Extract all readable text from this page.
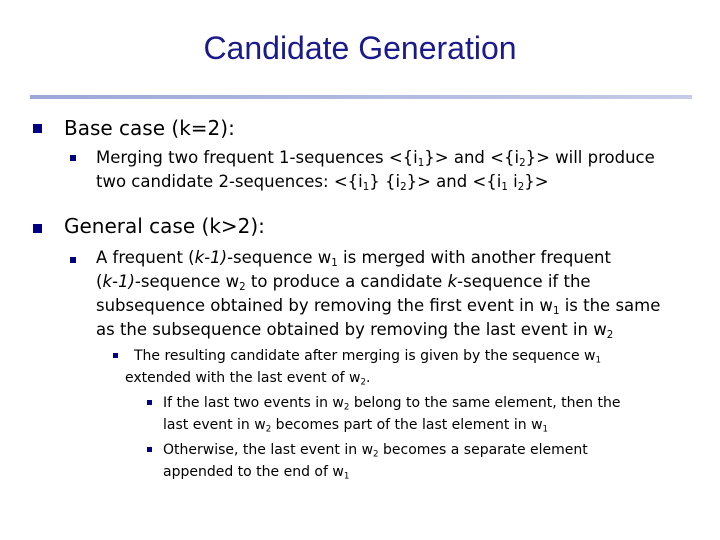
Candidate Generation
Base case (k=2):
Merging two frequent 1-sequences $<\{i_1\}>$ and $<\{i_2\}>$ will produce
two candidate 2-sequences: $<\{i_1\}$ $\{i_2\}>$ and $<\{i_1$ $i_2\}>$
General case (k>2):
A frequent (k-1)-sequence $w_1$ is merged with another frequent
(k-1)-sequence $w_2$ to produce a candidate k-sequence if the
subsequence obtained by removing the first event in $w_1$ is the same
as the subsequence obtained by removing the last event in $w_2$
The resulting candidate after merging is given by the sequence $w_1$
extended with the last event of $w_2$.
If the last two events in $w_2$ belong to the same element, then the
last event in $w_2$ becomes part of the last element in $w_1$
Otherwise, the last event in $w_2$ becomes a separate element
appended to the end of $w_1$
